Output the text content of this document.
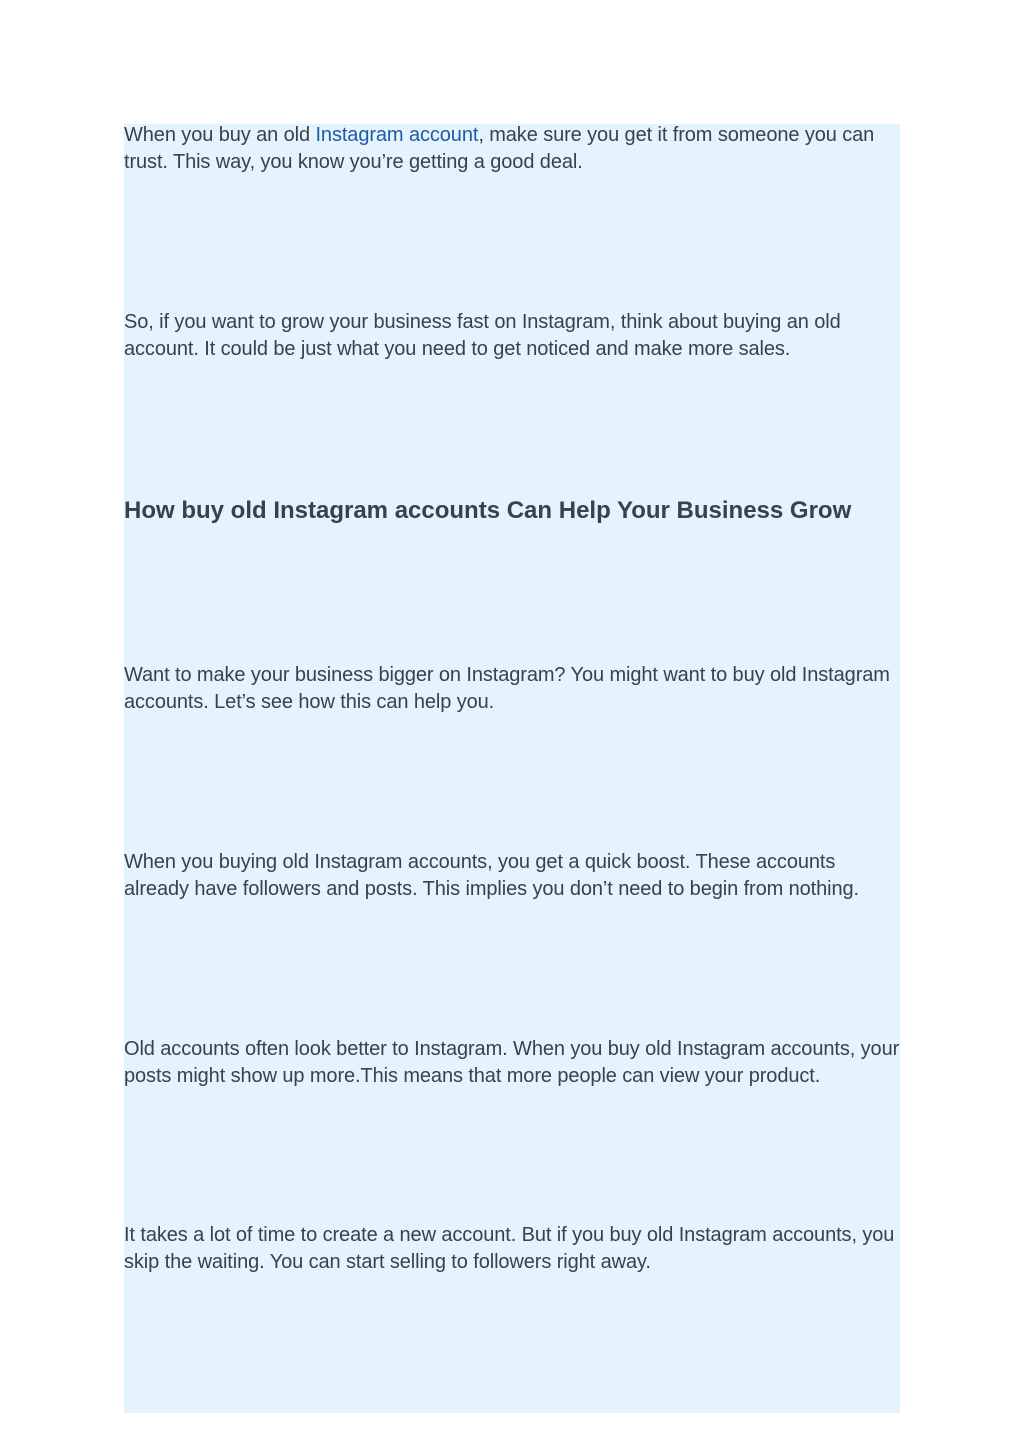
When you buy an old Instagram account, make sure you get it from someone you can trust. This way, you know you’re getting a good deal.

So, if you want to grow your business fast on Instagram, think about buying an old account. It could be just what you need to get noticed and make more sales.

How buy old Instagram accounts Can Help Your Business Grow

Want to make your business bigger on Instagram? You might want to buy old Instagram accounts. Let’s see how this can help you.

When you buying old Instagram accounts, you get a quick boost. These accounts already have followers and posts. This implies you don’t need to begin from nothing.

Old accounts often look better to Instagram. When you buy old Instagram accounts, your posts might show up more.This means that more people can view your product.

It takes a lot of time to create a new account. But if you buy old Instagram accounts, you skip the waiting. You can start selling to followers right away.
